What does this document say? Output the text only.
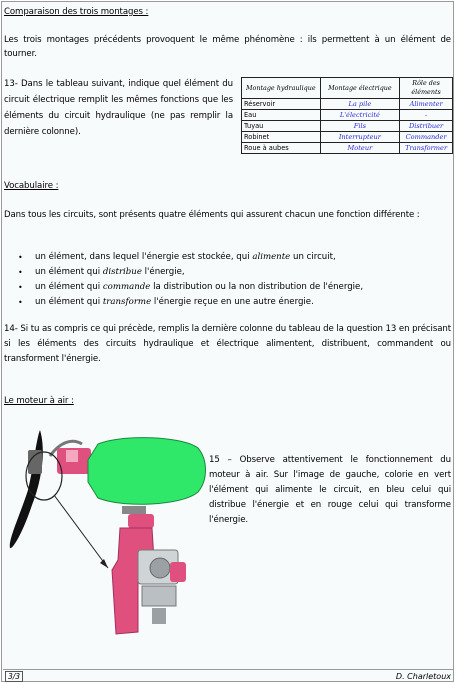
Comparaison des trois montages :
Les trois montages précédents provoquent le même phénomène : ils permettent à un élément de tourner.
13- Dans le tableau suivant, indique quel élément du circuit électrique remplit les mêmes fonctions que les éléments du circuit hydraulique (ne pas remplir la dernière colonne).
Montage hydraulique	Montage électrique	Rôle des éléments
Réservoir	La pile	Alimenter
Eau	L'électricité	-
Tuyau	Fils	Distribuer
Robinet	Interrupteur	Commander
Roue à aubes	Moteur	Transformer
Vocabulaire :
Dans tous les circuits, sont présents quatre éléments qui assurent chacun une fonction différente :
• un élément, dans lequel l'énergie est stockée, qui alimente un circuit,
• un élément qui distribue l'énergie,
• un élément qui commande la distribution ou la non distribution de l'énergie,
• un élément qui transforme l'énergie reçue en une autre énergie.
14- Si tu as compris ce qui précède, remplis la dernière colonne du tableau de la question 13 en précisant si les éléments des circuits hydraulique et électrique alimentent, distribuent, commandent ou transforment l'énergie.
Le moteur à air :
15 – Observe attentivement le fonctionnement du moteur à air. Sur l'image de gauche, colorie en vert l'élément qui alimente le circuit, en bleu celui qui distribue l'énergie et en rouge celui qui transforme l'énergie.
3/3	D. Charletoux
